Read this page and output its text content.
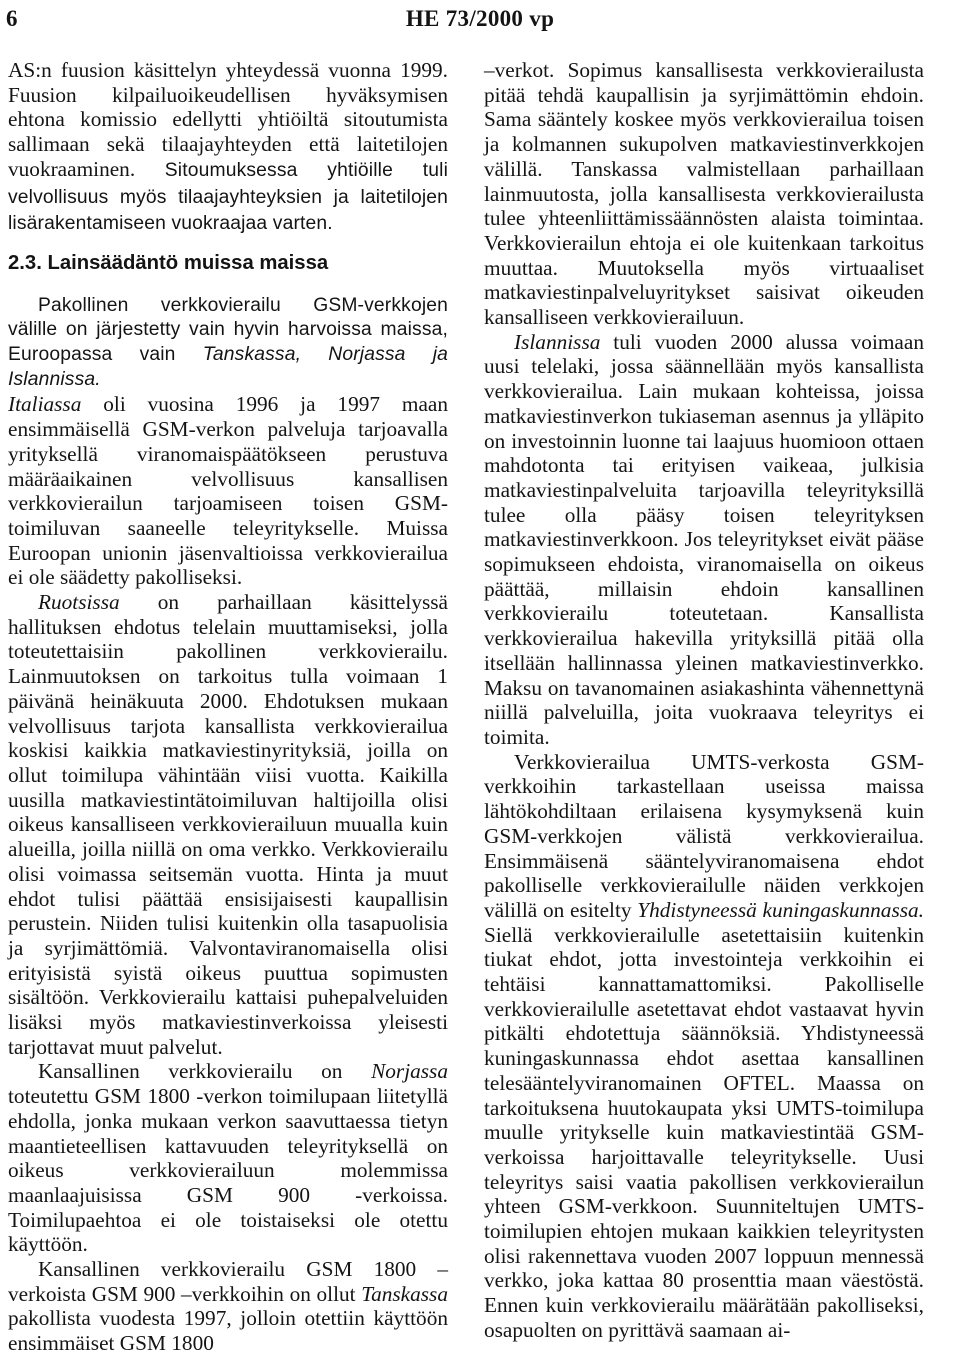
6	HE 73/2000 vp

AS:n fuusion käsittelyn yhteydessä vuonna 1999. Fuusion kilpailuoikeudellisen hyväksymisen ehtona komissio edellytti yhtiöiltä sitoutumista sallimaan sekä tilaajayhteyden että laitetilojen vuokraaminen. Sitoumuksessa yhtiöille tuli velvollisuus myös tilaajayhteyksien ja laitetilojen lisärakentamiseen vuokraajaa varten.

2.3. Lainsäädäntö muissa maissa

Pakollinen verkkovierailu GSM-verkkojen välille on järjestetty vain hyvin harvoissa maissa, Euroopassa vain Tanskassa, Norjassa ja Islannissa.

Italiassa oli vuosina 1996 ja 1997 maan ensimmäisellä GSM-verkon palveluja tarjoavalla yrityksellä viranomaispäätökseen perustuva määräaikainen velvollisuus kansallisen verkkovierailun tarjoamiseen toisen GSM-toimiluvan saaneelle teleyritykselle. Muissa Euroopan unionin jäsenvaltioissa verkkovierailua ei ole säädetty pakolliseksi.

Ruotsissa on parhaillaan käsittelyssä hallituksen ehdotus telelain muuttamiseksi, jolla toteutettaisiin pakollinen verkkovierailu. Lainmuutoksen on tarkoitus tulla voimaan 1 päivänä heinäkuuta 2000. Ehdotuksen mukaan velvollisuus tarjota kansallista verkkovierailua koskisi kaikkia matkaviestinyrityksiä, joilla on ollut toimilupa vähintään viisi vuotta. Kaikilla uusilla matkaviestintätoimiluvan haltijoilla olisi oikeus kansalliseen verkkovierailuun muualla kuin alueilla, joilla niillä on oma verkko. Verkkovierailu olisi voimassa seitsemän vuotta. Hinta ja muut ehdot tulisi päättää ensisijaisesti kaupallisin perustein. Niiden tulisi kuitenkin olla tasapuolisia ja syrjimättömiä. Valvontaviranomaisella olisi erityisistä syistä oikeus puuttua sopimusten sisältöön. Verkkovierailu kattaisi puhepalveluiden lisäksi myös matkaviestinverkoissa yleisesti tarjottavat muut palvelut.

Kansallinen verkkovierailu on Norjassa toteutettu GSM 1800 -verkon toimilupaan liitetyllä ehdolla, jonka mukaan verkon saavuttaessa tietyn maantieteellisen kattavuuden teleyrityksellä on oikeus verkkovierailuun molemmissa maanlaajuisissa GSM 900 -verkoissa. Toimilupaehtoa ei ole toistaiseksi ole otettu käyttöön.

Kansallinen verkkovierailu GSM 1800 –verkoista GSM 900 –verkkoihin on ollut Tanskassa pakollista vuodesta 1997, jolloin otettiin käyttöön ensimmäiset GSM 1800

–verkot. Sopimus kansallisesta verkkovierailusta pitää tehdä kaupallisin ja syrjimättömin ehdoin. Sama sääntely koskee myös verkkovierailua toisen ja kolmannen sukupolven matkaviestinverkkojen välillä. Tanskassa valmistellaan parhaillaan lainmuutosta, jolla kansallisesta verkkovierailusta tulee yhteenliittämissäännösten alaista toimintaa. Verkkovierailun ehtoja ei ole kuitenkaan tarkoitus muuttaa. Muutoksella myös virtuaaliset matkaviestinpalveluyritykset saisivat oikeuden kansalliseen verkkovierailuun.

Islannissa tuli vuoden 2000 alussa voimaan uusi telelaki, jossa säännellään myös kansallista verkkovierailua. Lain mukaan kohteissa, joissa matkaviestinverkon tukiaseman asennus ja ylläpito on investoinnin luonne tai laajuus huomioon ottaen mahdotonta tai erityisen vaikeaa, julkisia matkaviestinpalveluita tarjoavilla teleyrityksillä tulee olla pääsy toisen teleyrityksen matkaviestinverkkoon. Jos teleyritykset eivät pääse sopimukseen ehdoista, viranomaisella on oikeus päättää, millaisin ehdoin kansallinen verkkovierailu toteutetaan. Kansallista verkkovierailua hakevilla yrityksillä pitää olla itsellään hallinnassa yleinen matkaviestinverkko. Maksu on tavanomainen asiakashinta vähennettynä niillä palveluilla, joita vuokraava teleyritys ei toimita.

Verkkovierailua UMTS-verkosta GSM-verkkoihin tarkastellaan useissa maissa lähtökohdiltaan erilaisena kysymyksenä kuin GSM-verkkojen välistä verkkovierailua. Ensimmäisenä sääntelyviranomaisena ehdot pakolliselle verkkovierailulle näiden verkkojen välillä on esitelty Yhdistyneessä kuningaskunnassa. Siellä verkkovierailulle asetettaisiin kuitenkin tiukat ehdot, jotta investointeja verkkoihin ei tehtäisi kannattamattomiksi. Pakolliselle verkkovierailulle asetettavat ehdot vastaavat hyvin pitkälti ehdotettuja säännöksiä. Yhdistyneessä kuningaskunnassa ehdot asettaa kansallinen telesääntelyviranomainen OFTEL. Maassa on tarkoituksena huutokaupata yksi UMTS-toimilupa muulle yritykselle kuin matkaviestintää GSM-verkoissa harjoittavalle teleyritykselle. Uusi teleyritys saisi vaatia pakollisen verkkovierailun yhteen GSM-verkkoon. Suunniteltujen UMTS-toimilupien ehtojen mukaan kaikkien teleyritysten olisi rakennettava vuoden 2007 loppuun mennessä verkko, joka kattaa 80 prosenttia maan väestöstä. Ennen kuin verkkovierailu määrätään pakolliseksi, osapuolten on pyrittävä saamaan ai-
